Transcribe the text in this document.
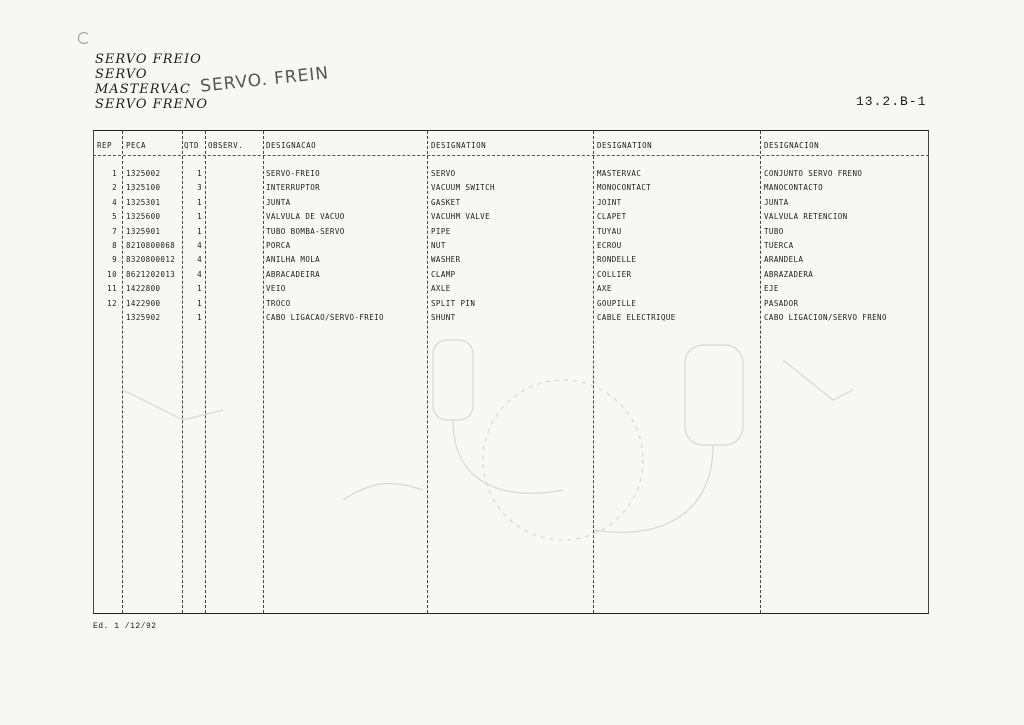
SERVO FREIO
SERVO
MASTERVAC
SERVO FRENO
SERVO. FREIN
13.2.B-1
REP PECA	QTD OBSERV.	DESIGNACAO	DESIGNATION	DESIGNATION	DESIGNACION
1 1325002	1	SERVO-FREIO	SERVO	MASTERVAC	CONJUNTO SERVO FRENO
2 1325100	3	INTERRUPTOR	VACUUM SWITCH	MONOCONTACT	MANOCONTACTO
4 1325301	1	JUNTA	GASKET	JOINT	JUNTA
5 1325600	1	VALVULA DE VACUO	VACUHM VALVE	CLAPET	VALVULA RETENCION
7 1325901	1	TUBO BOMBA-SERVO	PIPE	TUYAU	TUBO
8 8210800068	4	PORCA	NUT	ECROU	TUERCA
9 8320800012	4	ANILHA MOLA	WASHER	RONDELLE	ARANDELA
10 8621202013	4	ABRACADEIRA	CLAMP	COLLIER	ABRAZADERA
11 1422800	1	VEIO	AXLE	AXE	EJE
12 1422900	1	TROCO	SPLIT PIN	GOUPILLE	PASADOR
1325902	1	CABO LIGACAO/SERVO-FREIO	SHUNT	CABLE ELECTRIQUE	CABO LIGACION/SERVO FRENO
Ed. 1 /12/92
